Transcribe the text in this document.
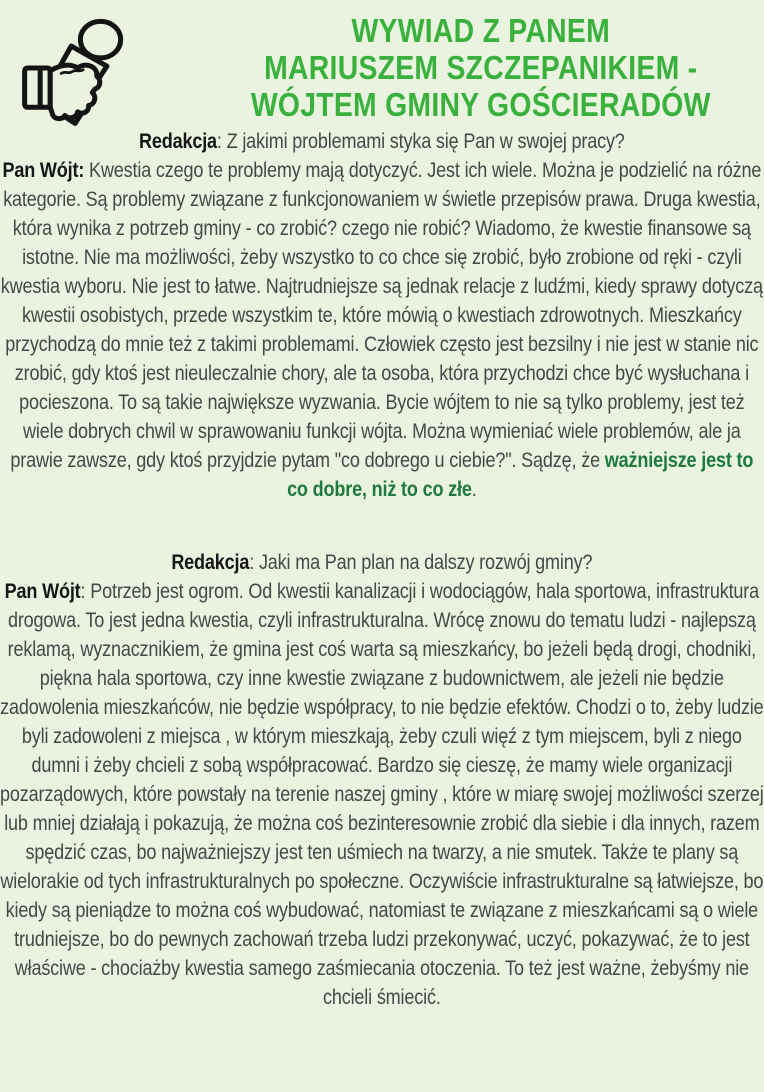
WYWIAD Z PANEM
MARIUSZEM SZCZEPANIKIEM -
WÓJTEM GMINY GOŚCIERADÓW

Redakcja: Z jakimi problemami styka się Pan w swojej pracy?

Pan Wójt: Kwestia czego te problemy mają dotyczyć. Jest ich wiele. Można je podzielić na różne kategorie. Są problemy związane z funkcjonowaniem w świetle przepisów prawa. Druga kwestia, która wynika z potrzeb gminy - co zrobić? czego nie robić? Wiadomo, że kwestie finansowe są istotne. Nie ma możliwości, żeby wszystko to co chce się zrobić, było zrobione od ręki - czyli kwestia wyboru. Nie jest to łatwe. Najtrudniejsze są jednak relacje z ludźmi, kiedy sprawy dotyczą kwestii osobistych, przede wszystkim te, które mówią o kwestiach zdrowotnych. Mieszkańcy przychodzą do mnie też z takimi problemami. Człowiek często jest bezsilny i nie jest w stanie nic zrobić, gdy ktoś jest nieuleczalnie chory, ale ta osoba, która przychodzi chce być wysłuchana i pocieszona. To są takie największe wyzwania. Bycie wójtem to nie są tylko problemy, jest też wiele dobrych chwil w sprawowaniu funkcji wójta. Można wymieniać wiele problemów, ale ja prawie zawsze, gdy ktoś przyjdzie pytam "co dobrego u ciebie?". Sądzę, że ważniejsze jest to co dobre, niż to co złe.

Redakcja: Jaki ma Pan plan na dalszy rozwój gminy?

Pan Wójt: Potrzeb jest ogrom. Od kwestii kanalizacji i wodociągów, hala sportowa, infrastruktura drogowa. To jest jedna kwestia, czyli infrastrukturalna. Wrócę znowu do tematu ludzi - najlepszą reklamą, wyznacznikiem, że gmina jest coś warta są mieszkańcy, bo jeżeli będą drogi, chodniki, piękna hala sportowa, czy inne kwestie związane z budownictwem, ale jeżeli nie będzie zadowolenia mieszkańców, nie będzie współpracy, to nie będzie efektów. Chodzi o to, żeby ludzie byli zadowoleni z miejsca , w którym mieszkają, żeby czuli więź z tym miejscem, byli z niego dumni i żeby chcieli z sobą współpracować. Bardzo się cieszę, że mamy wiele organizacji pozarządowych, które powstały na terenie naszej gminy , które w miarę swojej możliwości szerzej lub mniej działają i pokazują, że można coś bezinteresownie zrobić dla siebie i dla innych, razem spędzić czas, bo najważniejszy jest ten uśmiech na twarzy, a nie smutek. Także te plany są wielorakie od tych infrastrukturalnych po społeczne. Oczywiście infrastrukturalne są łatwiejsze, bo kiedy są pieniądze to można coś wybudować, natomiast te związane z mieszkańcami są o wiele trudniejsze, bo do pewnych zachowań trzeba ludzi przekonywać, uczyć, pokazywać, że to jest właściwe - chociażby kwestia samego zaśmiecania otoczenia. To też jest ważne, żebyśmy nie chcieli śmiecić.
